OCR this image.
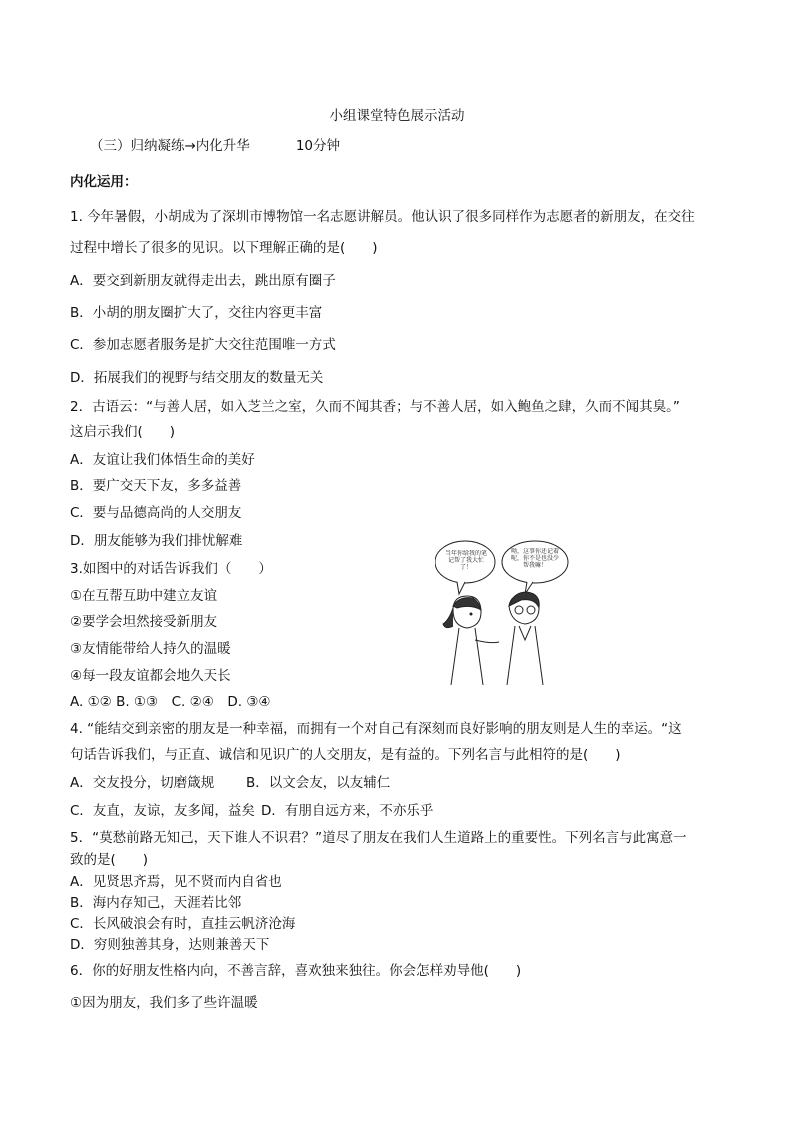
小组课堂特色展示活动
（三）归纳凝练→内化升华	10分钟
内化运用：
1. 今年暑假，小胡成为了深圳市博物馆一名志愿讲解员。他认识了很多同样作为志愿者的新朋友，在交往
过程中增长了很多的见识。以下理解正确的是(　　)
A．要交到新朋友就得走出去，跳出原有圈子
B．小胡的朋友圈扩大了，交往内容更丰富
C．参加志愿者服务是扩大交往范围唯一方式
D．拓展我们的视野与结交朋友的数量无关
2．古语云：“与善人居，如入芝兰之室，久而不闻其香；与不善人居，如入鲍鱼之肆，久而不闻其臭。”
这启示我们(　　)
A．友谊让我们体悟生命的美好
B．要广交天下友，多多益善
C．要与品德高尚的人交朋友
D．朋友能够为我们排忧解难
3.如图中的对话告诉我们（　　）
①在互帮互助中建立友谊
②要学会坦然接受新朋友
③友情能带给人持久的温暖
④每一段友谊都会地久天长
A. ①② B. ①③　C. ②④　D. ③④
当年你给我的笔记帮了我大忙了！
呦，这事你还记着呢，你不是也没少帮我嘛！
4. “能结交到亲密的朋友是一种幸福，而拥有一个对自己有深刻而良好影响的朋友则是人生的幸运。“这
句话告诉我们，与正直、诚信和见识广的人交朋友，是有益的。下列名言与此相符的是(　　)
A．交友投分，切磨箴规 B．以文会友，以友辅仁
C．友直，友谅，友多闻，益矣 D．有朋自远方来，不亦乐乎
5．“莫愁前路无知己，天下谁人不识君？”道尽了朋友在我们人生道路上的重要性。下列名言与此寓意一
致的是(　　)
A．见贤思齐焉，见不贤而内自省也
B．海内存知己，天涯若比邻
C．长风破浪会有时，直挂云帆济沧海
D．穷则独善其身，达则兼善天下
6．你的好朋友性格内向，不善言辞，喜欢独来独往。你会怎样劝导他(　　)
①因为朋友，我们多了些许温暖
